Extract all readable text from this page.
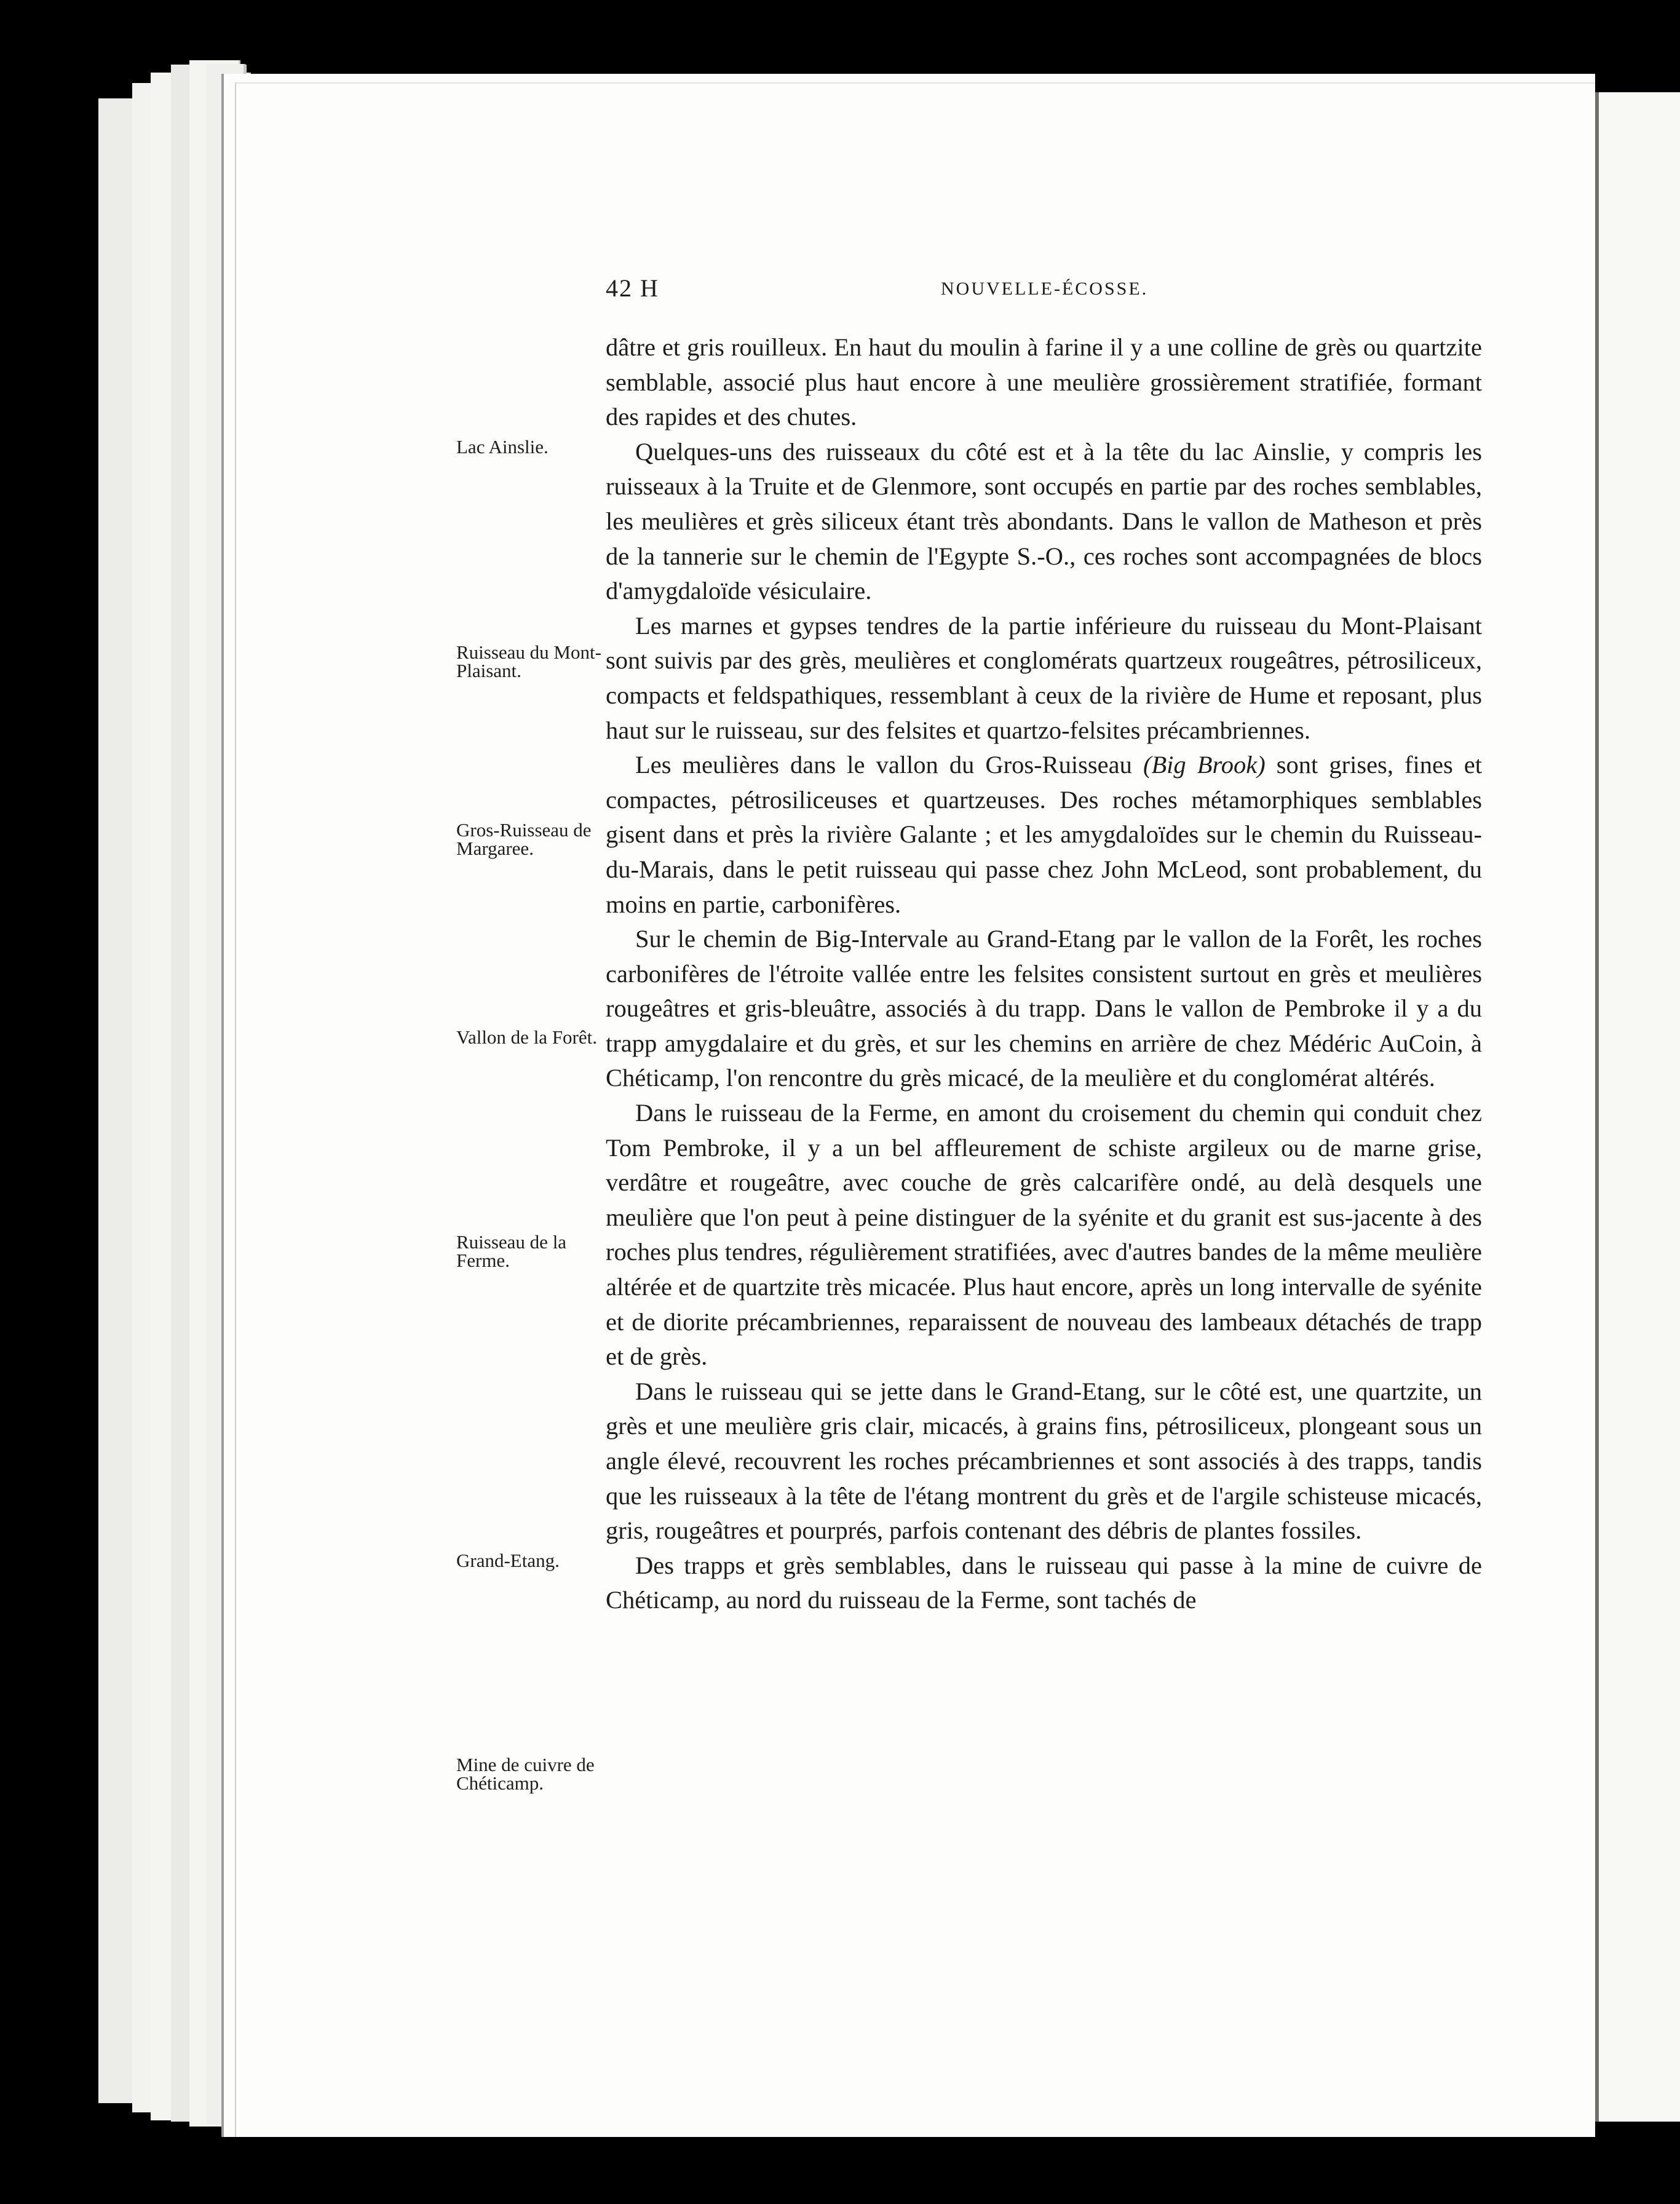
42 H	NOUVELLE-ÉCOSSE.
Lac Ainslie.
Ruisseau du Mont-Plaisant.
Gros-Ruisseau de Margaree.
Vallon de la Forêt.
Ruisseau de la Ferme.
Grand-Etang.
Mine de cuivre de Chéticamp.

dâtre et gris rouilleux. En haut du moulin à farine il y a une colline de grès ou quartzite semblable, associé plus haut encore à une meulière grossièrement stratifiée, formant des rapides et des chutes.

Quelques-uns des ruisseaux du côté est et à la tête du lac Ainslie, y compris les ruisseaux à la Truite et de Glenmore, sont occupés en partie par des roches semblables, les meulières et grès siliceux étant très abondants. Dans le vallon de Matheson et près de la tannerie sur le chemin de l'Egypte S.-O., ces roches sont accompagnées de blocs d'amygdaloïde vésiculaire.

Les marnes et gypses tendres de la partie inférieure du ruisseau du Mont-Plaisant sont suivis par des grès, meulières et conglomérats quartzeux rougeâtres, pétrosiliceux, compacts et feldspathiques, ressemblant à ceux de la rivière de Hume et reposant, plus haut sur le ruisseau, sur des felsites et quartzo-felsites précambriennes.

Les meulières dans le vallon du Gros-Ruisseau (Big Brook) sont grises, fines et compactes, pétrosiliceuses et quartzeuses. Des roches métamorphiques semblables gisent dans et près la rivière Galante ; et les amygdaloïdes sur le chemin du Ruisseau-du-Marais, dans le petit ruisseau qui passe chez John McLeod, sont probablement, du moins en partie, carbonifères.

Sur le chemin de Big-Intervale au Grand-Etang par le vallon de la Forêt, les roches carbonifères de l'étroite vallée entre les felsites consistent surtout en grès et meulières rougeâtres et gris-bleuâtre, associés à du trapp. Dans le vallon de Pembroke il y a du trapp amygdalaire et du grès, et sur les chemins en arrière de chez Médéric AuCoin, à Chéticamp, l'on rencontre du grès micacé, de la meulière et du conglomérat altérés.

Dans le ruisseau de la Ferme, en amont du croisement du chemin qui conduit chez Tom Pembroke, il y a un bel affleurement de schiste argileux ou de marne grise, verdâtre et rougeâtre, avec couche de grès calcarifère ondé, au delà desquels une meulière que l'on peut à peine distinguer de la syénite et du granit est sus-jacente à des roches plus tendres, régulièrement stratifiées, avec d'autres bandes de la même meulière altérée et de quartzite très micacée. Plus haut encore, après un long intervalle de syénite et de diorite précambriennes, reparaissent de nouveau des lambeaux détachés de trapp et de grès.

Dans le ruisseau qui se jette dans le Grand-Etang, sur le côté est, une quartzite, un grès et une meulière gris clair, micacés, à grains fins, pétrosiliceux, plongeant sous un angle élevé, recouvrent les roches précambriennes et sont associés à des trapps, tandis que les ruisseaux à la tête de l'étang montrent du grès et de l'argile schisteuse micacés, gris, rougeâtres et pourprés, parfois contenant des débris de plantes fossiles.

Des trapps et grès semblables, dans le ruisseau qui passe à la mine de cuivre de Chéticamp, au nord du ruisseau de la Ferme, sont tachés de
